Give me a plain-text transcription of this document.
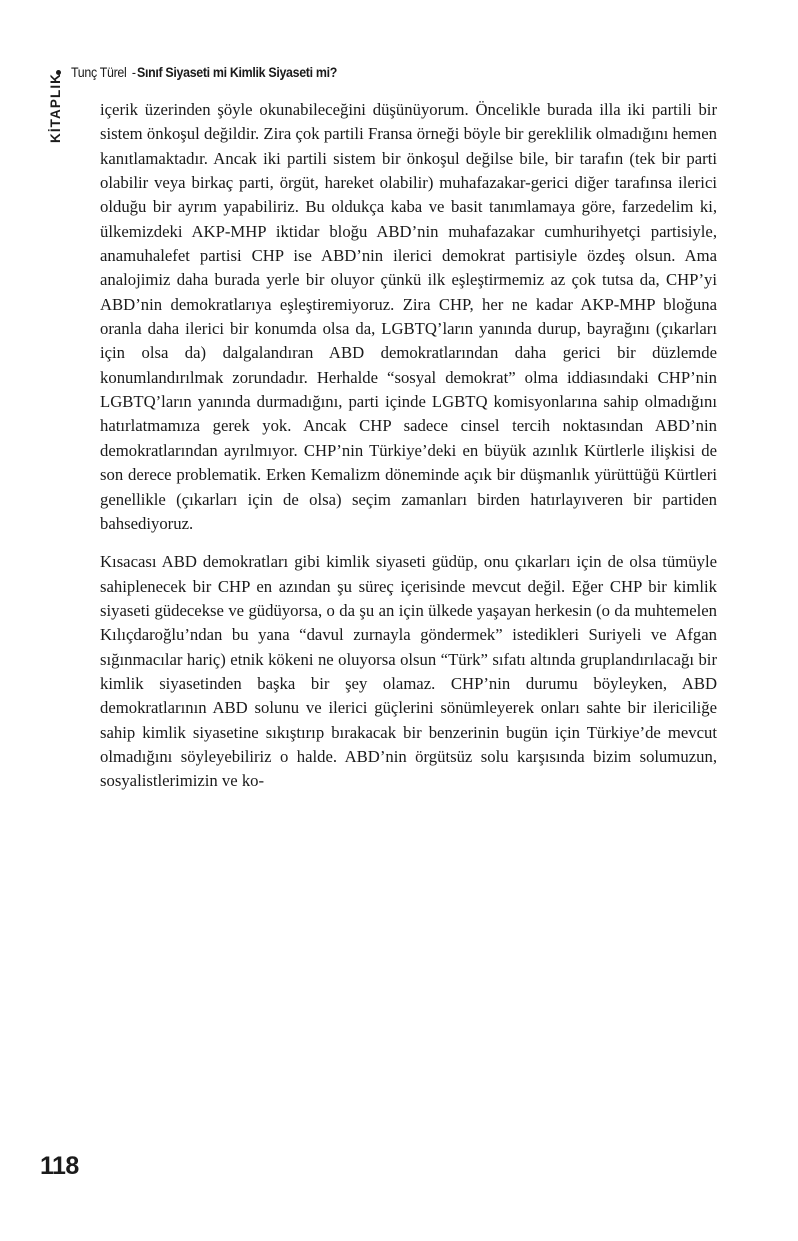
Tunç Türel - Sınıf Siyaseti mi Kimlik Siyaseti mi?
KİTAPLIK içerik üzerinden şöyle okunabileceğini düşünüyorum. Öncelikle burada illa iki partili bir sistem önkoşul değildir. Zira çok partili Fransa örneği böyle bir gereklilik olmadığını hemen kanıtlamaktadır. Ancak iki partili sistem bir önkoşul değilse bile, bir tarafın (tek bir parti olabilir veya birkaç parti, örgüt, hareket olabilir) muhafazakar-gerici diğer tarafınsa ilerici olduğu bir ayrım yapabiliriz. Bu oldukça kaba ve basit tanımlamaya göre, farzedelim ki, ülkemizdeki AKP-MHP iktidar bloğu ABD’nin muhafazakar cumhurihyetçi partisiyle, anamuhalefet partisi CHP ise ABD’nin ilerici demokrat partisiyle özdeş olsun. Ama analojimiz daha burada yerle bir oluyor çünkü ilk eşleştirmemiz az çok tutsa da, CHP’yi ABD’nin demokratlarıya eşleştiremiyoruz. Zira CHP, her ne kadar AKP-MHP bloğuna oranla daha ilerici bir konumda olsa da, LGBTQ’ların yanında durup, bayrağını (çıkarları için olsa da) dalgalandıran ABD demokratlarından daha gerici bir düzlemde konumlandırılmak zorundadır. Herhalde “sosyal demokrat” olma iddiasındaki CHP’nin LGBTQ’ların yanında durmadığını, parti içinde LGBTQ komisyonlarına sahip olmadığını hatırlatmamıza gerek yok. Ancak CHP sadece cinsel tercih noktasından ABD’nin demokratlarından ayrılmıyor. CHP’nin Türkiye’deki en büyük azınlık Kürtlerle ilişkisi de son derece problematik. Erken Kemalizm döneminde açık bir düşmanlık yürüttüğü Kürtleri genellikle (çıkarları için de olsa) seçim zamanları birden hatırlayıveren bir partiden bahsediyoruz.

Kısacası ABD demokratları gibi kimlik siyaseti güdüp, onu çıkarları için de olsa tümüyle sahiplenecek bir CHP en azından şu süreç içerisinde mevcut değil. Eğer CHP bir kimlik siyaseti güdecekse ve güdüyorsa, o da şu an için ülkede yaşayan herkesin (o da muhtemelen Kılıçdaroğlu’ndan bu yana “davul zurnayla göndermek” istedikleri Suriyeli ve Afgan sığınmacılar hariç) etnik kökeni ne oluyorsa olsun “Türk” sıfatı altında gruplandırılacağı bir kimlik siyasetinden başka bir şey olamaz. CHP’nin durumu böyleyken, ABD demokratlarının ABD solunu ve ilerici güçlerini sönümleyerek onları sahte bir ilericiliğe sahip kimlik siyasetine sıkıştırıp bırakacak bir benzerinin bugün için Türkiye’de mevcut olmadığını söyleyebiliriz o halde. ABD’nin örgütsüz solu karşısında bizim solumuzun, sosyalistlerimizin ve ko-

118
